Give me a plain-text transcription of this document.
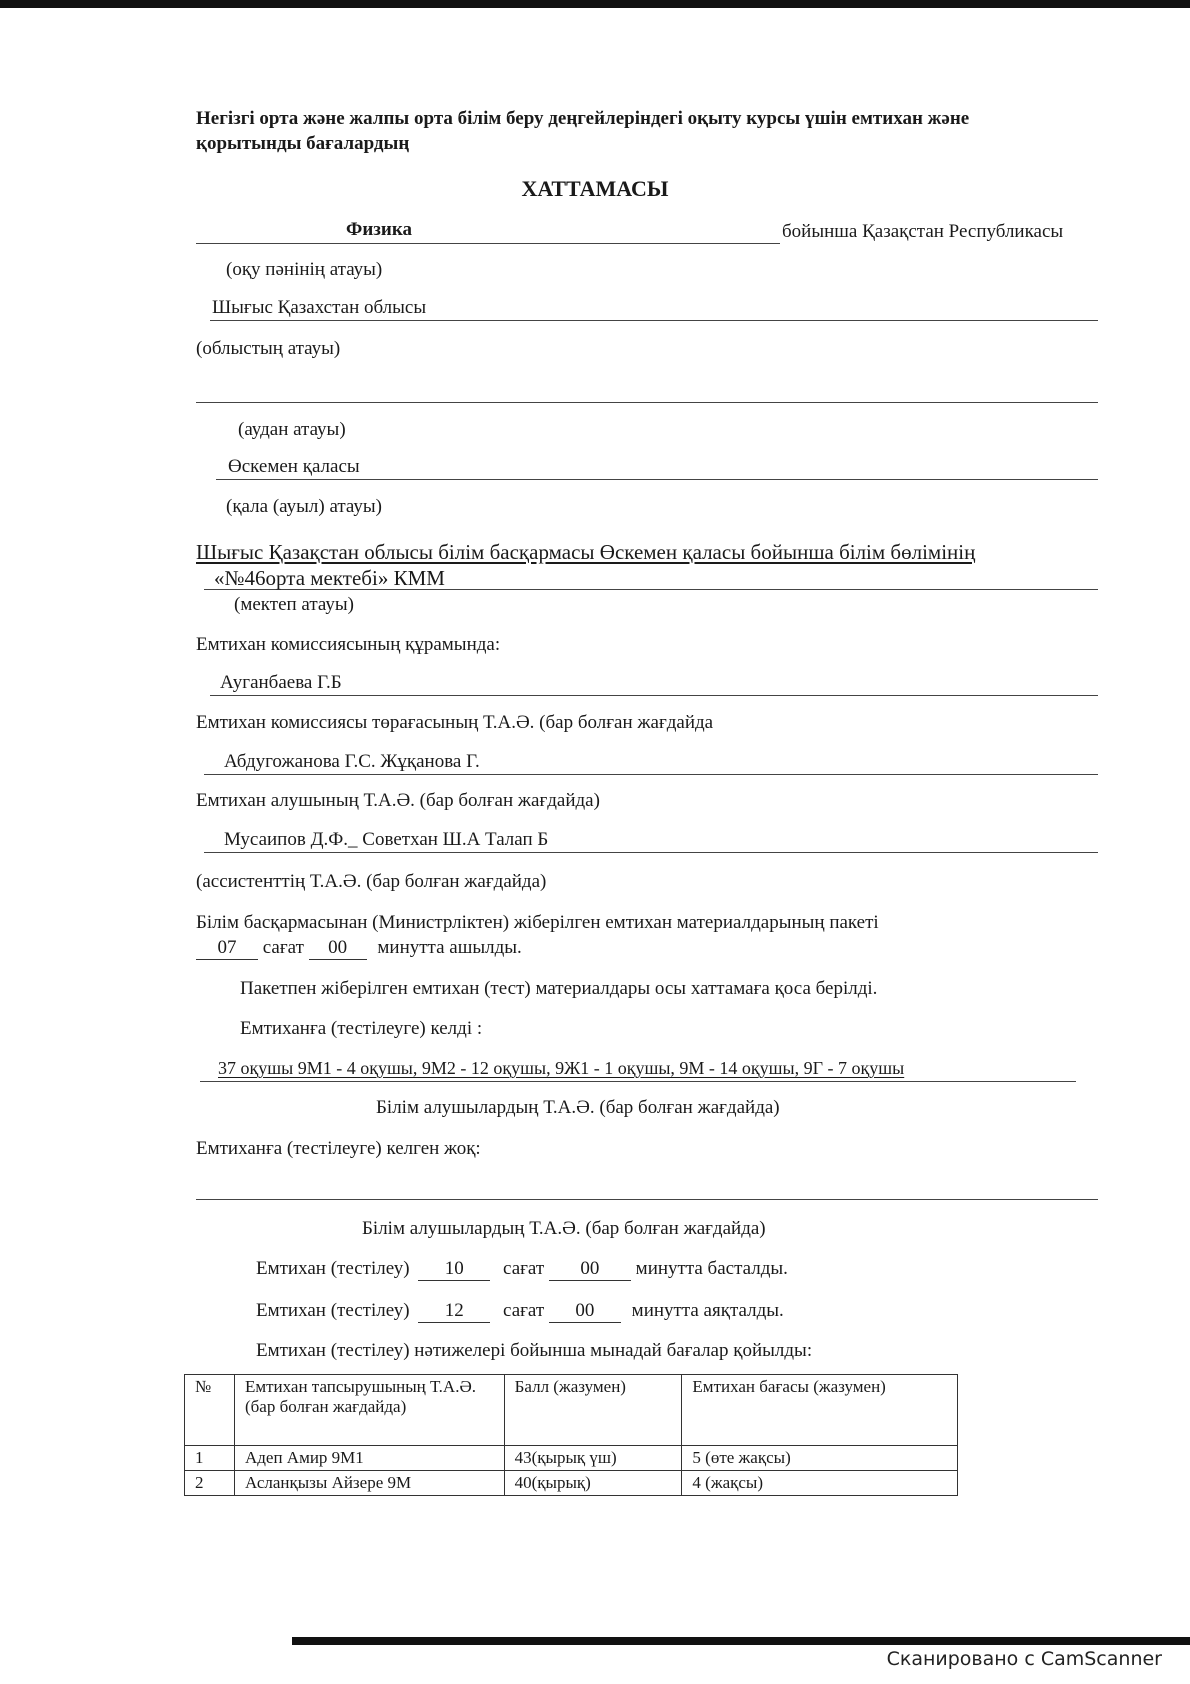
Негізгі орта және жалпы орта білім беру деңгейлеріндегі оқыту курсы үшін емтихан және
қорытынды бағалардың
ХАТТАМАСЫ
Физика	бойынша Қазақстан Республикасы
(оқу пәнінің атауы)
Шығыс Қазахстан облысы
(облыстың атауы)
(аудан атауы)
Өскемен қаласы
(қала (ауыл) атауы)
Шығыс Қазақстан облысы білім басқармасы Өскемен қаласы бойынша білім бөлімінің
«№46орта мектебі» КММ
(мектеп атауы)
Емтихан комиссиясының құрамында:
Ауганбаева Г.Б
Емтихан комиссиясы төрағасының Т.А.Ә. (бар болған жағдайда
Абдугожанова Г.С. Жұқанова Г.
Емтихан алушының Т.А.Ә. (бар болған жағдайда)
Мусаипов Д.Ф._ Советхан Ш.А Талап Б
(ассистенттің Т.А.Ә. (бар болған жағдайда)
Білім басқармасынан (Министрліктен) жіберілген емтихан материалдарының пакеті
07 сағат 00 минутта ашылды.
Пакетпен жіберілген емтихан (тест) материалдары осы хаттамаға қоса берілді.
Емтиханға (тестілеуге) келді :
37 оқушы 9М1 - 4 оқушы, 9М2 - 12 оқушы, 9Ж1 - 1 оқушы, 9М - 14 оқушы, 9Г - 7 оқушы
Білім алушылардың Т.А.Ә. (бар болған жағдайда)
Емтиханға (тестілеуге) келген жоқ:
Білім алушылардың Т.А.Ә. (бар болған жағдайда)
Емтихан (тестілеу) 10 сағат 00 минутта басталды.
Емтихан (тестілеу) 12 сағат 00 минутта аяқталды.
Емтихан (тестілеу) нәтижелері бойынша мынадай бағалар қойылды:
№	Емтихан тапсырушының Т.А.Ә. (бар болған жағдайда)	Балл (жазумен)	Емтихан бағасы (жазумен)
1	Адеп Амир 9М1	43(қырық үш)	5 (өте жақсы)
2	Асланқызы Айзере 9М	40(қырық)	4 (жақсы)
Сканировано с CamScanner
